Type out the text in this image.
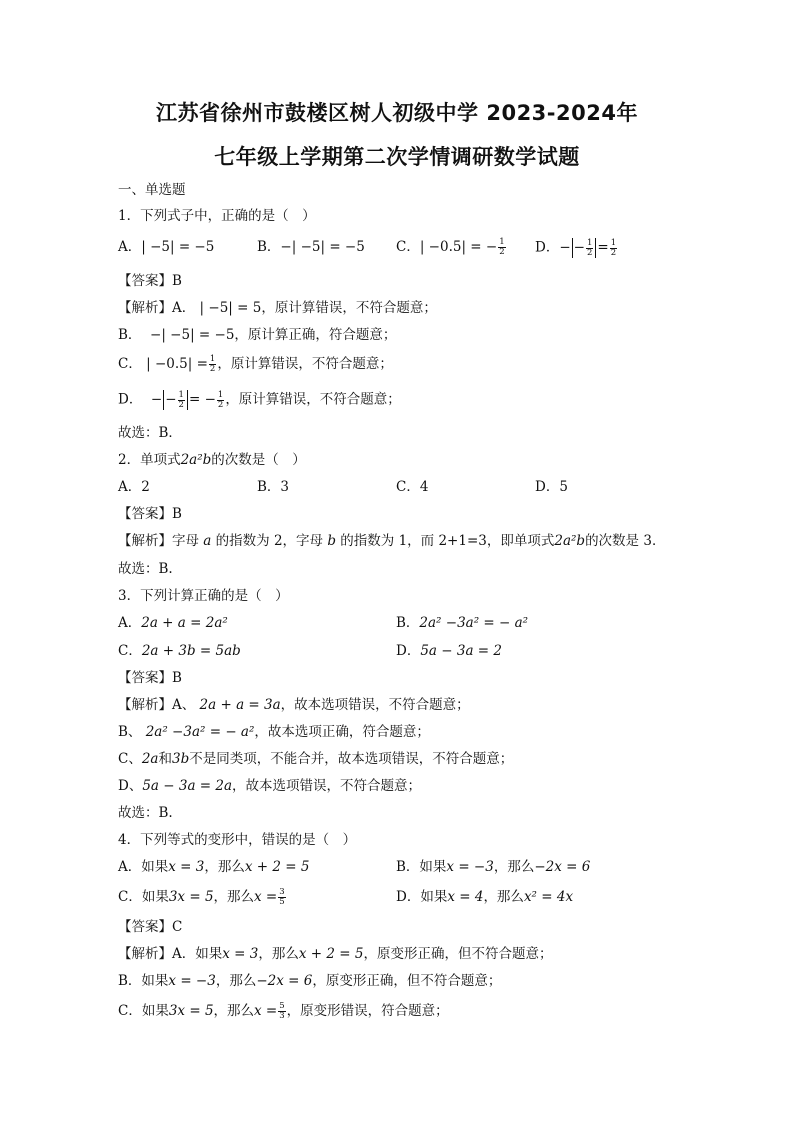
江苏省徐州市鼓楼区树人初级中学 2023-2024年
七年级上学期第二次学情调研数学试题
一、单选题
1．下列式子中，正确的是（　）
A．| −5| = −5	B．−| −5| = −5 C．| −0.5| = − $\frac{1}{2}$ D．− − $\frac{1}{2} = \frac{1}{2}$
【答案】B
【解析】A． | −5| = 5，原计算错误，不符合题意；
B． −| −5| = −5，原计算正确，符合题意；
C． | $-0.5| = \frac{1}{2}$ ，原计算错误，不符合题意；
D． − − $\frac{1}{2}$ = − $\frac{1}{2}$ ，原计算错误，不符合题意；
故选：B．
2．单项式2a²b的次数是（　）
A．2	B．3	C．4	D．5
【答案】B
【解析】字母 a 的指数为 2，字母 b 的指数为 1，而 2+1=3，即单项式2a²b的次数是 3．
故选：B.
3．下列计算正确的是（　）
A．2a + a = 2a²	B．2a² −3a² = − a²
C．2a + 3b = 5ab	D．5a − 3a = 2
【答案】B
【解析】A、 2a + a = 3a，故本选项错误，不符合题意；
B、 2a² −3a² = − a²，故本选项正确，符合题意；
C、2a和3b不是同类项，不能合并，故本选项错误，不符合题意；
D、5a − 3a = 2a，故本选项错误，不符合题意；
故选：B.
4．下列等式的变形中，错误的是（　）
A．如果x = 3，那么x + 2 = 5	B．如果x = −3，那么−2x = 6
C．如果3x = 5，那么$x = \frac{3}{5}$	D．如果x = 4，那么x² = 4x
【答案】C
【解析】A．如果x = 3，那么x + 2 = 5，原变形正确，但不符合题意；
B．如果x = −3，那么−2x = 6，原变形正确，但不符合题意；
C．如果3x = 5，那么$x = \frac{5}{3}$ ，原变形错误，符合题意；
